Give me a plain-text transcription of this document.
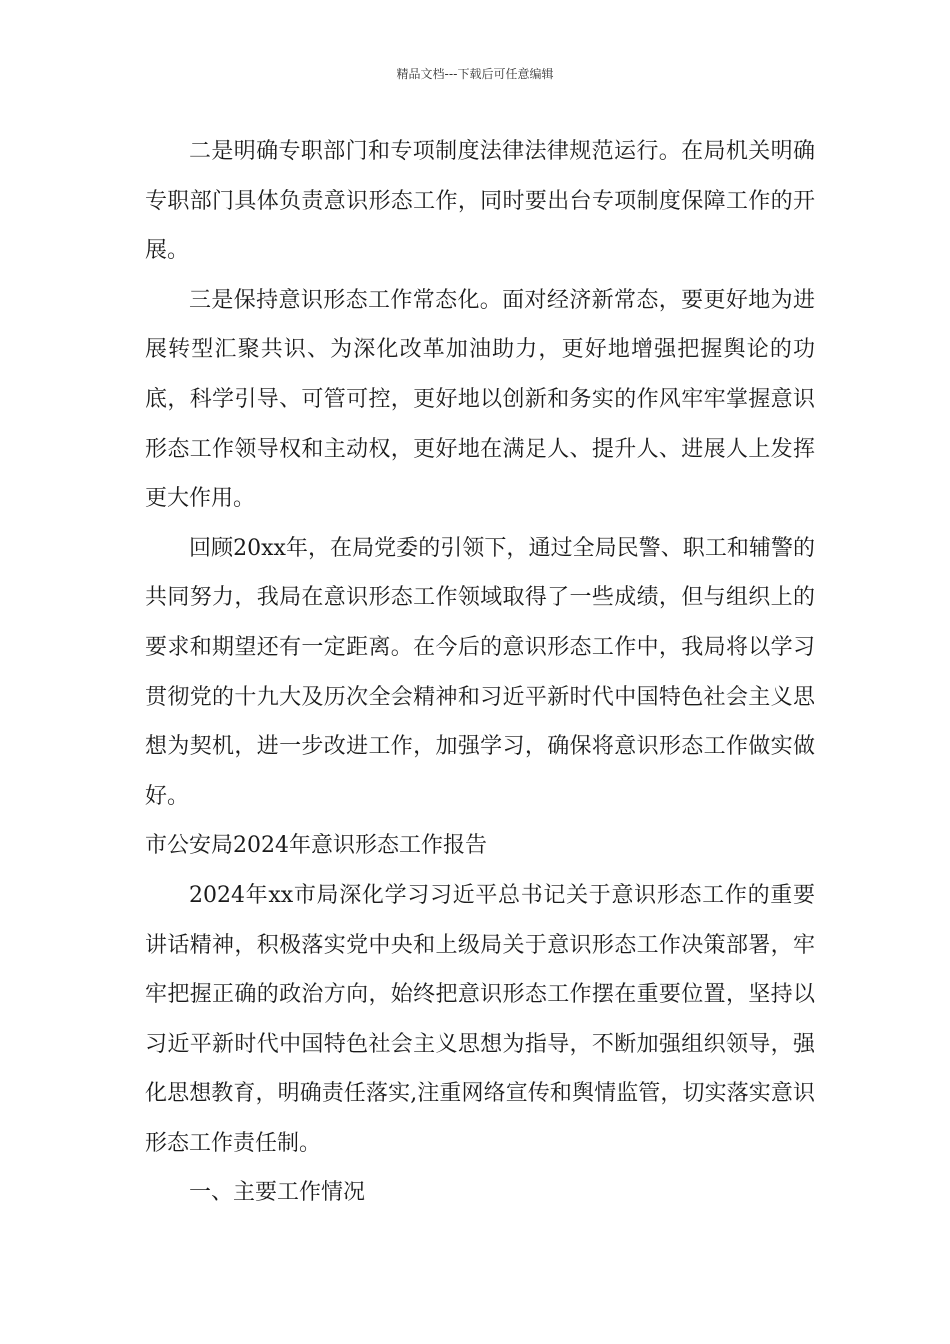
精品文档---下载后可任意编辑

二是明确专职部门和专项制度法律法律规范运行。在局机关明确专职部门具体负责意识形态工作，同时要出台专项制度保障工作的开展。

三是保持意识形态工作常态化。面对经济新常态，要更好地为进展转型汇聚共识、为深化改革加油助力，更好地增强把握舆论的功底，科学引导、可管可控，更好地以创新和务实的作风牢牢掌握意识形态工作领导权和主动权，更好地在满足人、提升人、进展人上发挥更大作用。

回顾20xx年，在局党委的引领下，通过全局民警、职工和辅警的共同努力，我局在意识形态工作领域取得了一些成绩，但与组织上的要求和期望还有一定距离。在今后的意识形态工作中，我局将以学习贯彻党的十九大及历次全会精神和习近平新时代中国特色社会主义思想为契机，进一步改进工作，加强学习，确保将意识形态工作做实做好。

市公安局2024年意识形态工作报告

2024年xx市局深化学习习近平总书记关于意识形态工作的重要讲话精神，积极落实党中央和上级局关于意识形态工作决策部署，牢牢把握正确的政治方向，始终把意识形态工作摆在重要位置，坚持以习近平新时代中国特色社会主义思想为指导，不断加强组织领导，强化思想教育，明确责任落实,注重网络宣传和舆情监管，切实落实意识形态工作责任制。

一、主要工作情况
